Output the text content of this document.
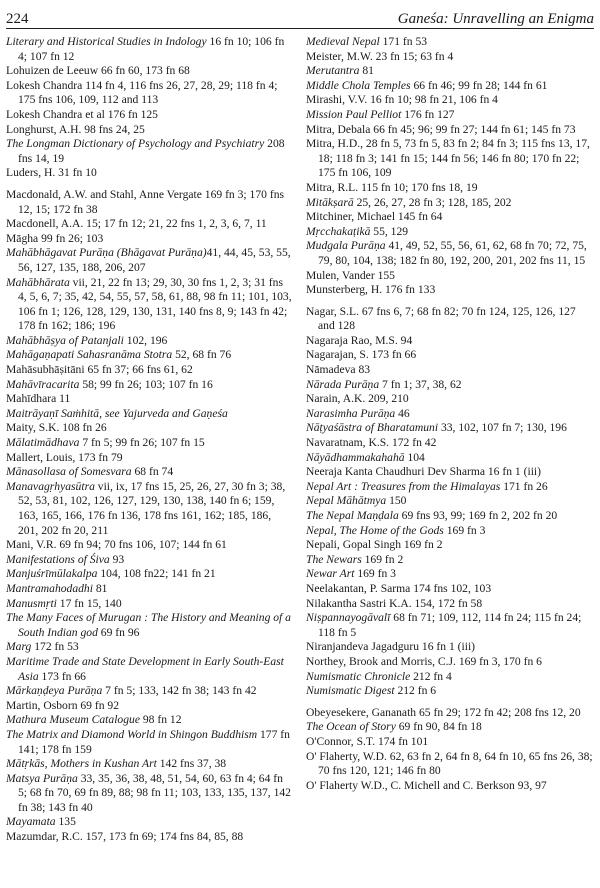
224	Ganeśa: Unravelling an Enigma

Literary and Historical Studies in Indology 16 fn 10; 106 fn 4; 107 fn 12

Lohuizen de Leeuw 66 fn 60, 173 fn 68

Lokesh Chandra 114 fn 4, 116 fns 26, 27, 28, 29; 118 fn 4; 175 fns 106, 109, 112 and 113

Lokesh Chandra et al 176 fn 125

Longhurst, A.H. 98 fns 24, 25

The Longman Dictionary of Psychology and Psychiatry 208 fns 14, 19

Luders, H. 31 fn 10

Macdonald, A.W. and Stahl, Anne Vergate 169 fn 3; 170 fns 12, 15; 172 fn 38

Macdonell, A.A. 15; 17 fn 12; 21, 22 fns 1, 2, 3, 6, 7, 11

Māgha 99 fn 26; 103

Mahābhāgavat Purāṇa (Bhāgavat Purāṇa)41, 44, 45, 53, 55, 56, 127, 135, 188, 206, 207

Mahābhārata vii, 21, 22 fn 13; 29, 30, 30 fns 1, 2, 3; 31 fns 4, 5, 6, 7; 35, 42, 54, 55, 57, 58, 61, 88, 98 fn 11; 101, 103, 106 fn 1; 126, 128, 129, 130, 131, 140 fns 8, 9; 143 fn 42; 178 fn 162; 186; 196

Mahābhāṣya of Patanjali 102, 196

Mahāgaṇapati Sahasranāma Stotra 52, 68 fn 76

Mahāsubhāṣitāni 65 fn 37; 66 fns 61, 62

Mahāvīracarita 58; 99 fn 26; 103; 107 fn 16

Mahīdhara 11

Maitrāyaṇī Saṁhitā, see Yajurveda and Gaṇeśa

Maity, S.K. 108 fn 26

Mālatimādhava 7 fn 5; 99 fn 26; 107 fn 15

Mallert, Louis, 173 fn 79

Mānasollasa of Somesvara 68 fn 74

Manavagṛhyasūtra vii, ix, 17 fns 15, 25, 26, 27, 30 fn 3; 38, 52, 53, 81, 102, 126, 127, 129, 130, 138, 140 fn 6; 159, 163, 165, 166, 176 fn 136, 178 fns 161, 162; 185, 186, 201, 202 fn 20, 211

Mani, V.R. 69 fn 94; 70 fns 106, 107; 144 fn 61

Manifestations of Śiva 93

Manjuśrīmūlakalpa 104, 108 fn22; 141 fn 21

Mantramahodadhi 81

Manusmṛti 17 fn 15, 140

The Many Faces of Murugan : The History and Meaning of a South Indian god 69 fn 96

Marg 172 fn 53

Maritime Trade and State Development in Early South-East Asia 173 fn 66

Mārkaṇḍeya Purāṇa 7 fn 5; 133, 142 fn 38; 143 fn 42

Martin, Osborn 69 fn 92

Mathura Museum Catalogue 98 fn 12

The Matrix and Diamond World in Shingon Buddhism 177 fn 141; 178 fn 159

Mātṛkās, Mothers in Kushan Art 142 fns 37, 38

Matsya Purāṇa 33, 35, 36, 38, 48, 51, 54, 60, 63 fn 4; 64 fn 5; 68 fn 70, 69 fn 89, 88; 98 fn 11; 103, 133, 135, 137, 142 fn 38; 143 fn 40

Mayamata 135

Mazumdar, R.C. 157, 173 fn 69; 174 fns 84, 85, 88

Medieval Nepal 171 fn 53

Meister, M.W. 23 fn 15; 63 fn 4

Merutantra 81

Middle Chola Temples 66 fn 46; 99 fn 28; 144 fn 61

Mirashi, V.V. 16 fn 10; 98 fn 21, 106 fn 4

Mission Paul Pelliot 176 fn 127

Mitra, Debala 66 fn 45; 96; 99 fn 27; 144 fn 61; 145 fn 73

Mitra, H.D., 28 fn 5, 73 fn 5, 83 fn 2; 84 fn 3; 115 fns 13, 17, 18; 118 fn 3; 141 fn 15; 144 fn 56; 146 fn 80; 170 fn 22; 175 fn 106, 109

Mitra, R.L. 115 fn 10; 170 fns 18, 19

Mitākṣarā 25, 26, 27, 28 fn 3; 128, 185, 202

Mitchiner, Michael 145 fn 64

Mṛcchakaṭikā 55, 129

Mudgala Purāṇa 41, 49, 52, 55, 56, 61, 62, 68 fn 70; 72, 75, 79, 80, 104, 138; 182 fn 80, 192, 200, 201, 202 fns 11, 15

Mulen, Vander 155

Munsterberg, H. 176 fn 133

Nagar, S.L. 67 fns 6, 7; 68 fn 82; 70 fn 124, 125, 126, 127 and 128

Nagaraja Rao, M.S. 94

Nagarajan, S. 173 fn 66

Nāmadeva 83

Nārada Purāṇa 7 fn 1; 37, 38, 62

Narain, A.K. 209, 210

Narasimha Purāṇa 46

Nāṭyaśāstra of Bharatamuni 33, 102, 107 fn 7; 130, 196

Navaratnam, K.S. 172 fn 42

Nāyādhammakahahā 104

Neeraja Kanta Chaudhuri Dev Sharma 16 fn 1 (iii)

Nepal Art : Treasures from the Himalayas 171 fn 26

Nepal Māhātmya 150

The Nepal Maṇḍala 69 fns 93, 99; 169 fn 2, 202 fn 20

Nepal, The Home of the Gods 169 fn 3

Nepali, Gopal Singh 169 fn 2

The Newars 169 fn 2

Newar Art 169 fn 3

Neelakantan, P. Sarma 174 fns 102, 103

Nilakantha Sastri K.A. 154, 172 fn 58

Niṣpannayogāvalī 68 fn 71; 109, 112, 114 fn 24; 115 fn 24; 118 fn 5

Niranjandeva Jagadguru 16 fn 1 (iii)

Northey, Brook and Morris, C.J. 169 fn 3, 170 fn 6

Numismatic Chronicle 212 fn 4

Numismatic Digest 212 fn 6

Obeyesekere, Gananath 65 fn 29; 172 fn 42; 208 fns 12, 20

The Ocean of Story 69 fn 90, 84 fn 18

O'Connor, S.T. 174 fn 101

O' Flaherty, W.D. 62, 63 fn 2, 64 fn 8, 64 fn 10, 65 fns 26, 38; 70 fns 120, 121; 146 fn 80

O' Flaherty W.D., C. Michell and C. Berkson 93, 97
